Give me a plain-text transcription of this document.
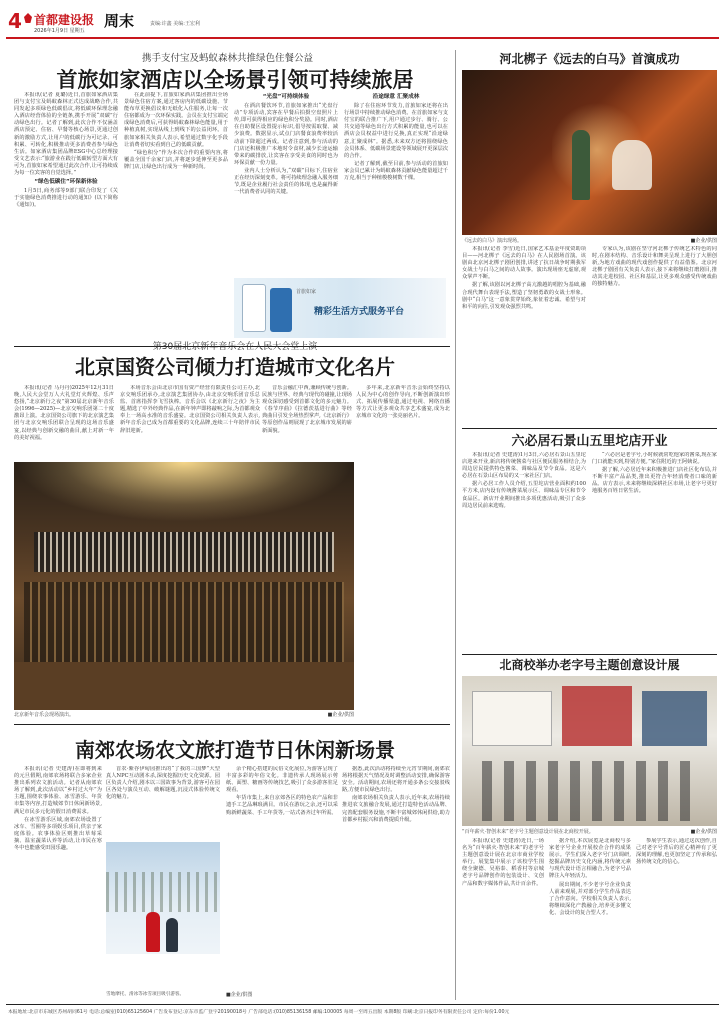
4 首都建设报
2026年1月9日 星期五
周末	责编:许鑫 美编:王宏利
携手支付宝及蚂蚁森林共推绿色住餐公益
首旅如家酒店以全场景引领可持续旅居

本报讯(记者 夏璐)近日,首旅如家酒店集团与支付宝及蚂蚁森林正式达成战略合作,共同发起多项绿色低碳倡议,将低碳环保理念融入酒店经营体验的全链条,携手开展“双碳”行动绿色出行。记者了解到,此次合作不仅涵盖酒店预定、住宿、早餐等核心场景,更通过创新的激励方式,让用户的低碳行为可记录、可积累、可转化,积极推动更多消费者参与绿色生活。如家酒店集团品牌ESG中心总经理接受文艺表示:“旅游业在践行低碳转型方面大有可为,首旅如家希望通过此次合作,让可持续成为每一位宾客的自觉选择。”

“绿色低碳住”环保新体验

1月5日,商务部等9部门联合印发了《关于实施绿色消费推进行动的通知》(以下简称《通知》)。

在此前提下,首旅如家酒店集团推出全场景绿色住宿方案,通过客房内的低碳设施、节能布草更换倡议和无纸化入住服务,让每一次住宿都成为一次环保实践。会员在支付宝端完成绿色消费后,可获得蚂蚁森林绿色能量,用于种植真树,实现从线上到线下的公益闭环。首旅如家相关负责人表示,希望通过数字化手段让消费者切实看到自己的低碳贡献。

“绿色积分”作为本次合作的重要内容,将覆盖全国千余家门店,并将逐步延伸至更多品牌门店,让绿色出行成为一种新时尚。

“光盘”可持续体验

在酒店餐饮环节,首旅如家推出“光盘行动”专项活动,宾客在早餐后拍摄空盘照片上传,即可获得相应的绿色积分奖励。同时,酒店在自助餐区设置提示标识,倡导按需取餐、减少浪费。数据显示,试点门店餐食浪费率较活动前下降超过两成。记者注意到,参与活动的门店还积极推广本地时令食材,减少长途运输带来的碳排放,让宾客在享受美食的同时也为环保贡献一份力量。

业内人士分析认为,“双碳”目标下,住宿业正在经历深刻变革。将可持续理念融入服务细节,既是企业履行社会责任的体现,也是赢得新一代消费者认同的关键。

沿途绿意 汇聚成林

除了在住宿环节发力,首旅如家还将在出行场景中持续推动绿色消费。在首旅如家与支付宝的联合推广下,用户通过步行、骑行、公共交通等绿色出行方式积累的能量,也可以在酒店会员权益中进行兑换,真正实现“沿途绿意,汇聚成林”。据悉,未来双方还将围绕绿色会员体系、低碳场景建设等领域展开更深层次的合作。

记者了解到,截至目前,参与活动的首旅如家会员已累计为蚂蚁森林贡献绿色能量超过千万克,相当于种植梭梭树数千棵。

首旅如家
精彩生活方式服务平台
第30届北京新年音乐会在人民大会堂上演
北京国资公司倾力打造城市文化名片

本报讯(记者 马丹丹)2025年12月31日晚,人民大会堂万人大礼堂灯火辉煌、乐声悠扬,“北京新行之夜”第30届北京新年音乐会(1996—2025)—北京交响乐团第二十度激昂上演。北京国资公司旗下的北京演艺集团与北京交响乐团联合呈现的这场音乐盛宴,以经典与创新交融的曲目,献上对新一年的美好祝福。

本场音乐会由北京市国有资产经营有限责任公司主办,北京交响乐团承办,北京演艺集团协办,由北京交响乐团音乐总监、首席指挥李飞雪执棒。音乐会以《北京新行之夜》为主题,精选了中外经典作品,在新年钟声即将敲响之际,为首都观众奉上一场高水准的音乐盛宴。北京国资公司相关负责人表示,新年音乐会已成为首都重要的文化品牌,连续三十年陪伴市民辞旧迎新。

音乐会融汇中西,兼顾传统与创新。民族与世界、经典与现代的碰撞,让现场观众深切感受到首都文化的多元魅力。《春节序曲》《拉德茨基进行曲》等经典曲目引发全场热烈掌声,《北京新行》等原创作品则展现了北京城市发展的崭新面貌。

多年来,北京新年音乐会始终坚持以人民为中心的创作导向,不断创新演出形式、拓展传播渠道,通过电视、网络直播等方式让更多观众共享艺术盛宴,成为北京城市文化的一张亮丽名片。

北京新年音乐会现场演出。	■企业/供图
河北梆子《远去的白马》首演成功
《远去的白马》演出现场。	■企业/供图

本报讯(记者 李雪)近日,国家艺术基金年度资助项目——河北梆子《远去的白马》在人民剧场首演。该剧由北京河北梆子剧团创排,讲述了抗日战争时期我军女战士与白马之间的动人故事。演出现场座无虚席,观众掌声不断。

据了解,该剧以河北梆子高亢激越的唱腔为基础,融合现代舞台表现手法,塑造了坚韧勇敢的女战士形象。剧中“白马”这一意象贯穿始终,象征着忠诚、希望与对和平的向往,引发观众强烈共鸣。

专家认为,该剧在坚守河北梆子传统艺术特色的同时,在剧本结构、音乐设计和舞美呈现上进行了大胆创新,为地方戏曲的现代戏创作提供了有益借鉴。北京河北梆子剧团有关负责人表示,接下来将继续打磨剧目,推动其走进校园、社区和基层,让更多观众感受传统戏曲的独特魅力。

六必居石景山五里坨店开业

本报讯(记者 史建涛)1月3日,六必居石景山五里坨店迎来开业,新店将传统酱菜与社区便民服务相结合,为周边居民提供特色酱菜、调味品及节令食品。这是六必居在石景山区布局的又一家社区门店。

据六必居工作人员介绍,五里坨店营业面积约100平方米,店内设有传统酱菜展示区、调味品专区和节令食品区。新店开业期间推出多项优惠活动,吸引了众多周边居民前来选购。

“六必居是老字号,小时候就常吃他家的酱菜,现在家门口就能买到,特别方便。”家住附近的王阿姨说。

据了解,六必居近年来积极推进门店社区化布局,并不断丰富产品品类,推出更符合年轻消费者口味的新品。店方表示,未来将继续深耕社区市场,让老字号更好地服务百姓日常生活。

北商校举办老字号主题创意设计展
“百年薪火·智创未来”老字号主题创意设计展在北商校开展。	■企业/供图

本报讯(记者 史建涛)近日,一场名为“百年薪火·智创未来”的老字号主题创意设计展在北京市商业学校举行。展览集中展示了该校学生围绕全聚德、吴裕泰、稻香村等京城老字号品牌创作的包装设计、文创产品和数字媒体作品,共计百余件。

据介绍,本次展览是北商校与多家老字号企业开展校企合作的成果展示。学生们深入老字号门店调研,挖掘品牌历史文化内涵,将传统元素与现代设计语言相融合,为老字号品牌注入年轻活力。

展出期间,不少老字号企业负责人前来观展,并对部分学生作品表达了合作意向。学校相关负责人表示,将继续深化产教融合,培养更多懂文化、会设计的复合型人才。

参展学生表示,通过这次创作,自己对老字号背后的匠心精神有了更深刻的理解,也更加坚定了传承和弘扬传统文化的信心。

南郊农场农文旅打造节日休闲新场景

本报讯(记者 史建涛)在即将到来的元旦假期,南郊农场将联合多家企业推出系列农文旅活动。记者从南郊农场了解到,此次活动以“乡村过大年”为主题,围绕农事体验、冰雪游乐、年货市集等内容,打造城郊节日休闲新场景,满足市民多元化的假日消费需求。

在冰雪游乐区域,南郊农场设置了冰车、雪圈等多项娱乐项目,供亲子家庭体验。农事体验区则推出草莓采摘、温室蔬菜认养等活动,让市民在寒冬中也能感受田园乐趣。

首农·紫谷伊甸园推出的“了我的三国梦”大型真人NPC互动剧本杀,深度挖掘历史文化资源。园区负责人介绍,剧本以三国故事为背景,游客可在园区各处与演员互动、破解谜题,沉浸式体验传统文化的魅力。

余个精心搭建的民俗文化展位,为游客呈现了丰富多彩的年俗文化。非遗传承人现场展示剪纸、面塑、糖画等传统技艺,吸引了众多游客驻足观看。

年货市集上,来自京郊各区的特色农产品和非遗手工艺品琳琅满目。市民在游玩之余,还可以采购新鲜蔬菜、手工年货等,一站式备齐过年所需。

据悉,此次活动将持续至元宵节期间,南郊农场将根据天气情况及时调整活动安排,确保游客安全。活动期间,农场还将开通多条公交接驳线路,方便市民绿色出行。

南郊农场相关负责人表示,近年来,农场持续推进农文旅融合发展,通过打造特色活动品牌、完善配套服务设施,不断丰富城郊休闲供给,助力首都乡村振兴和消费提质升级。

雪地摩托、滑冰等冰雪项目吸引游客。	■企业/供图
本报地址:北京市东城区苏州胡同61号 电话:总编室(010)65125604 广告发布登记:京东市监广登字20190018号 广告部电话:(010)85136158 邮编:100005 每周一至周五出版 本期8版 印刷:北京日报印务有限责任公司 定价:每份1.00元
